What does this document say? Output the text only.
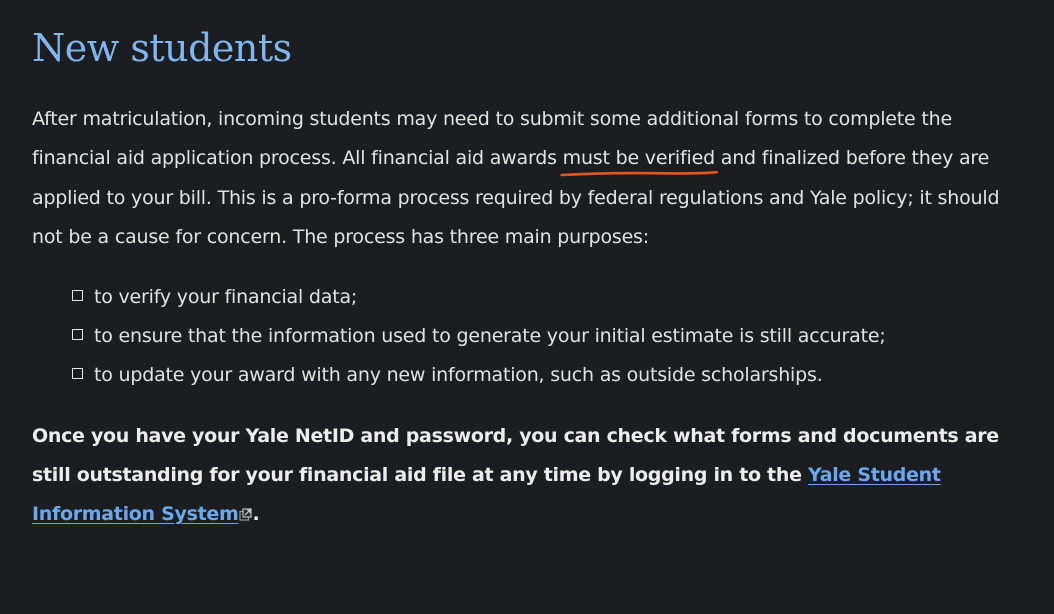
New students

After matriculation, incoming students may need to submit some additional forms to complete the financial aid application process. All financial aid awards must be verified
and finalized before they are applied to your bill. This is a pro-forma process required by federal regulations and Yale policy; it should not be a cause for concern. The process has three main purposes:

to verify your financial data;
to ensure that the information used to generate your initial estimate is still accurate;
to update your award with any new information, such as outside scholarships.

Once you have your Yale NetID and password, you can check what forms and documents are still outstanding for your financial aid file at any time by logging in to the Yale Student Information System .
